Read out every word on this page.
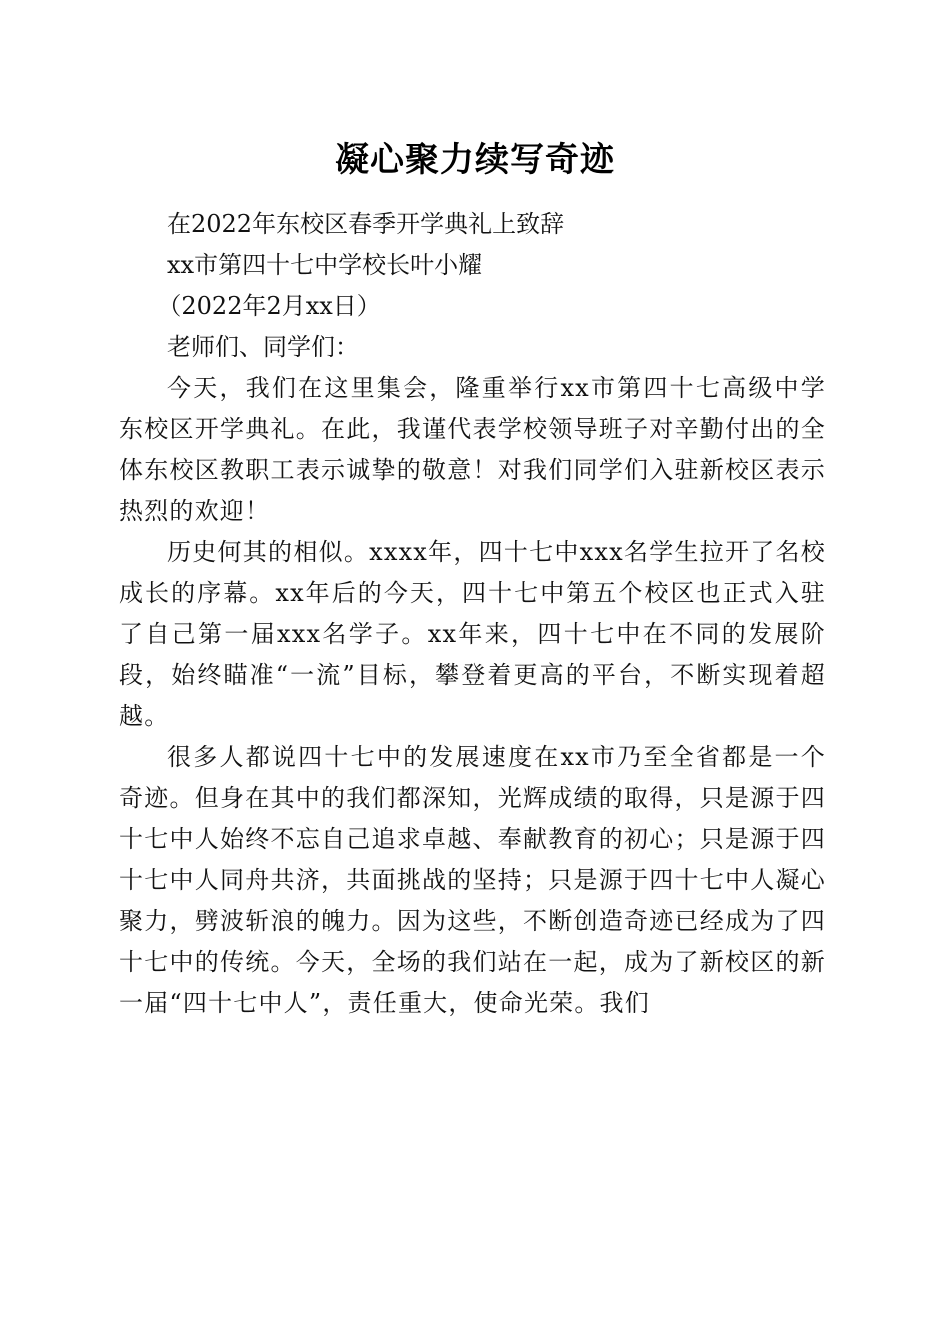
凝心聚力续写奇迹

在2022年东校区春季开学典礼上致辞

xx市第四十七中学校长叶小耀

（2022年2月xx日）

老师们、同学们：

今天，我们在这里集会，隆重举行xx市第四十七高级中学东校区开学典礼。在此，我谨代表学校领导班子对辛勤付出的全体东校区教职工表示诚挚的敬意！对我们同学们入驻新校区表示热烈的欢迎！

历史何其的相似。xxxx年，四十七中xxx名学生拉开了名校成长的序幕。xx年后的今天，四十七中第五个校区也正式入驻了自己第一届xxx名学子。xx年来，四十七中在不同的发展阶段，始终瞄准“一流”目标，攀登着更高的平台，不断实现着超越。

很多人都说四十七中的发展速度在xx市乃至全省都是一个奇迹。但身在其中的我们都深知，光辉成绩的取得，只是源于四十七中人始终不忘自己追求卓越、奉献教育的初心；只是源于四十七中人同舟共济，共面挑战的坚持；只是源于四十七中人凝心聚力，劈波斩浪的魄力。因为这些，不断创造奇迹已经成为了四十七中的传统。今天，全场的我们站在一起，成为了新校区的新一届“四十七中人”，责任重大，使命光荣。我们
